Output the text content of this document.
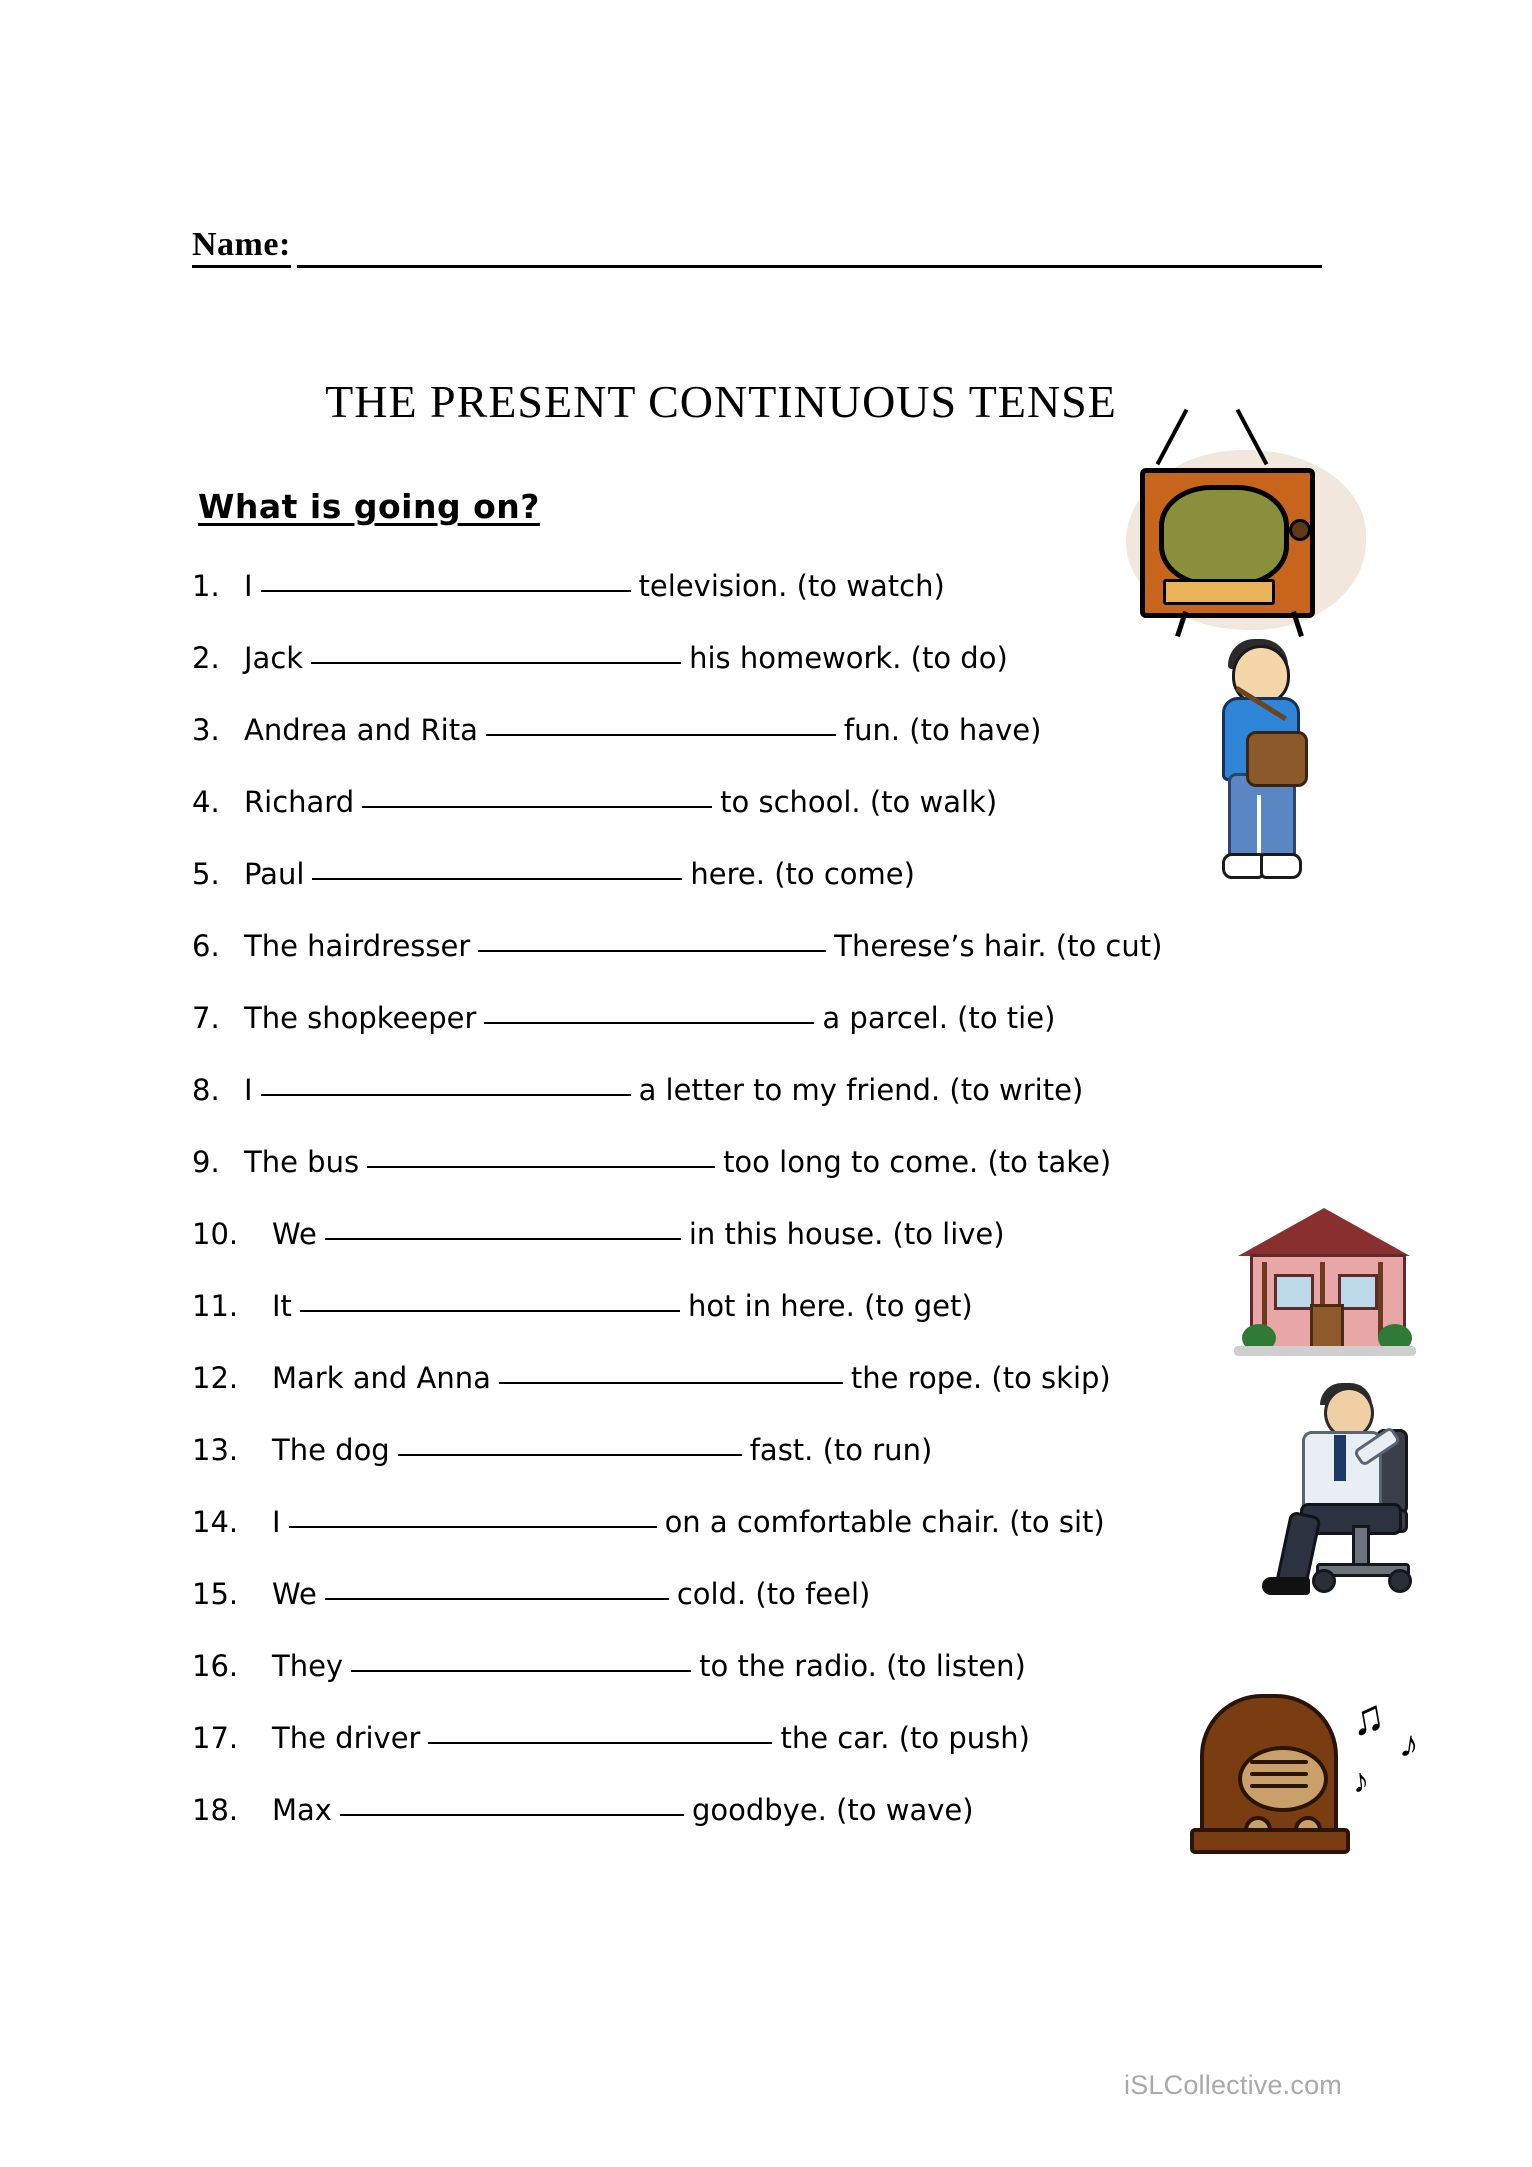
Name:
THE PRESENT CONTINUOUS TENSE
What is going on?
1. I	television. (to watch)
2. Jack	his homework. (to do)
3. Andrea and Rita	fun. (to have)
4. Richard	to school. (to walk)
5. Paul	here. (to come)
6. The hairdresser	Therese’s hair. (to cut)
7. The shopkeeper	a parcel. (to tie)
8. I	a letter to my friend. (to write)
9. The bus	too long to come. (to take)
10.	We	in this house. (to live)
11.	It	hot in here. (to get)
12.	Mark and Anna	the rope. (to skip)
13.	The dog	fast. (to run)
14.	I	on a comfortable chair. (to sit)
15.	We	cold. (to feel)
16.	They	to the radio. (to listen)
17.	The driver	the car. (to push)
18.	Max	goodbye. (to wave)
♫ ♪
♪
iSLCollective.com
